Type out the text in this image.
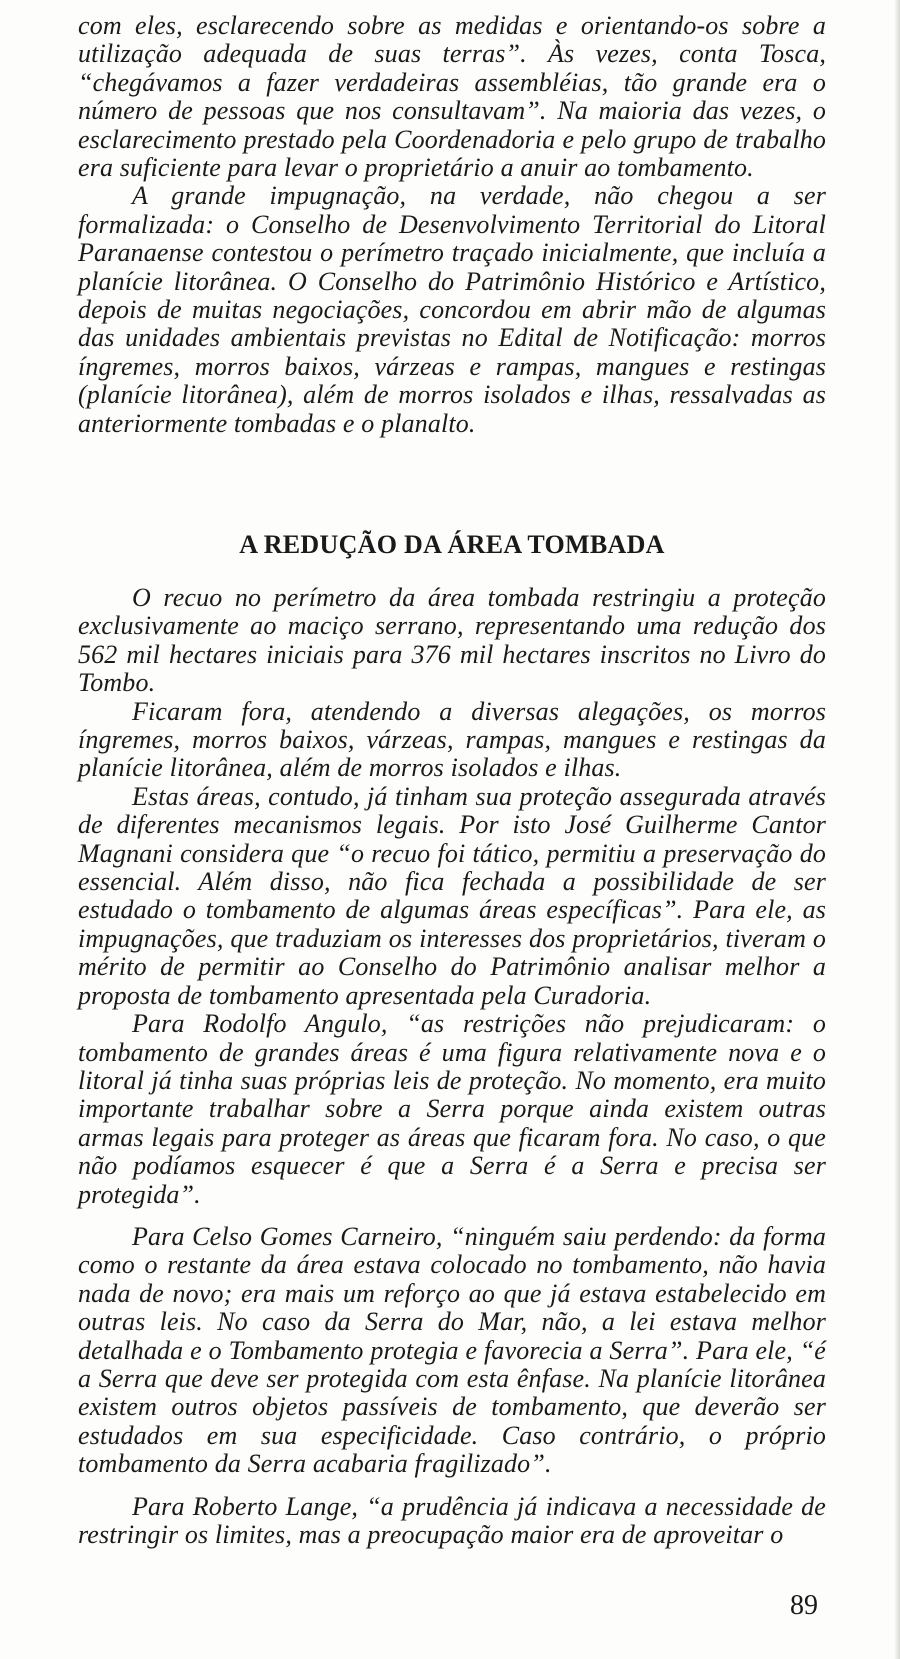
com eles, esclarecendo sobre as medidas e orientando-os sobre a utilização adequada de suas terras”. Às vezes, conta Tosca, “chegávamos a fazer verdadeiras assembléias, tão grande era o número de pessoas que nos consultavam”. Na maioria das vezes, o esclarecimento prestado pela Coordenadoria e pelo grupo de trabalho era suficiente para levar o proprietário a anuir ao tombamento.

A grande impugnação, na verdade, não chegou a ser formalizada: o Conselho de Desenvolvimento Territorial do Litoral Paranaense contestou o perímetro traçado inicialmente, que incluía a planície litorânea. O Conselho do Patrimônio Histórico e Artístico, depois de muitas negociações, concordou em abrir mão de algumas das unidades ambientais previstas no Edital de Notificação: morros íngremes, morros baixos, várzeas e rampas, mangues e restingas (planície litorânea), além de morros isolados e ilhas, ressalvadas as anteriormente tombadas e o planalto.

A REDUÇÃO DA ÁREA TOMBADA

O recuo no perímetro da área tombada restringiu a proteção exclusivamente ao maciço serrano, representando uma redução dos 562 mil hectares iniciais para 376 mil hectares inscritos no Livro do Tombo.

Ficaram fora, atendendo a diversas alegações, os morros íngremes, morros baixos, várzeas, rampas, mangues e restingas da planície litorânea, além de morros isolados e ilhas.

Estas áreas, contudo, já tinham sua proteção assegurada através de diferentes mecanismos legais. Por isto José Guilherme Cantor Magnani considera que “o recuo foi tático, permitiu a preservação do essencial. Além disso, não fica fechada a possibilidade de ser estudado o tombamento de algumas áreas específicas”. Para ele, as impugnações, que traduziam os interesses dos proprietários, tiveram o mérito de permitir ao Conselho do Patrimônio analisar melhor a proposta de tombamento apresentada pela Curadoria.

Para Rodolfo Angulo, “as restrições não prejudicaram: o tombamento de grandes áreas é uma figura relativamente nova e o litoral já tinha suas próprias leis de proteção. No momento, era muito importante trabalhar sobre a Serra porque ainda existem outras armas legais para proteger as áreas que ficaram fora. No caso, o que não podíamos esquecer é que a Serra é a Serra e precisa ser protegida”.

Para Celso Gomes Carneiro, “ninguém saiu perdendo: da forma como o restante da área estava colocado no tombamento, não havia nada de novo; era mais um reforço ao que já estava estabelecido em outras leis. No caso da Serra do Mar, não, a lei estava melhor detalhada e o Tombamento protegia e favorecia a Serra”. Para ele, “é a Serra que deve ser protegida com esta ênfase. Na planície litorânea existem outros objetos passíveis de tombamento, que deverão ser estudados em sua especificidade. Caso contrário, o próprio tombamento da Serra acabaria fragilizado”.

Para Roberto Lange, “a prudência já indicava a necessidade de restringir os limites, mas a preocupação maior era de aproveitar o

89
